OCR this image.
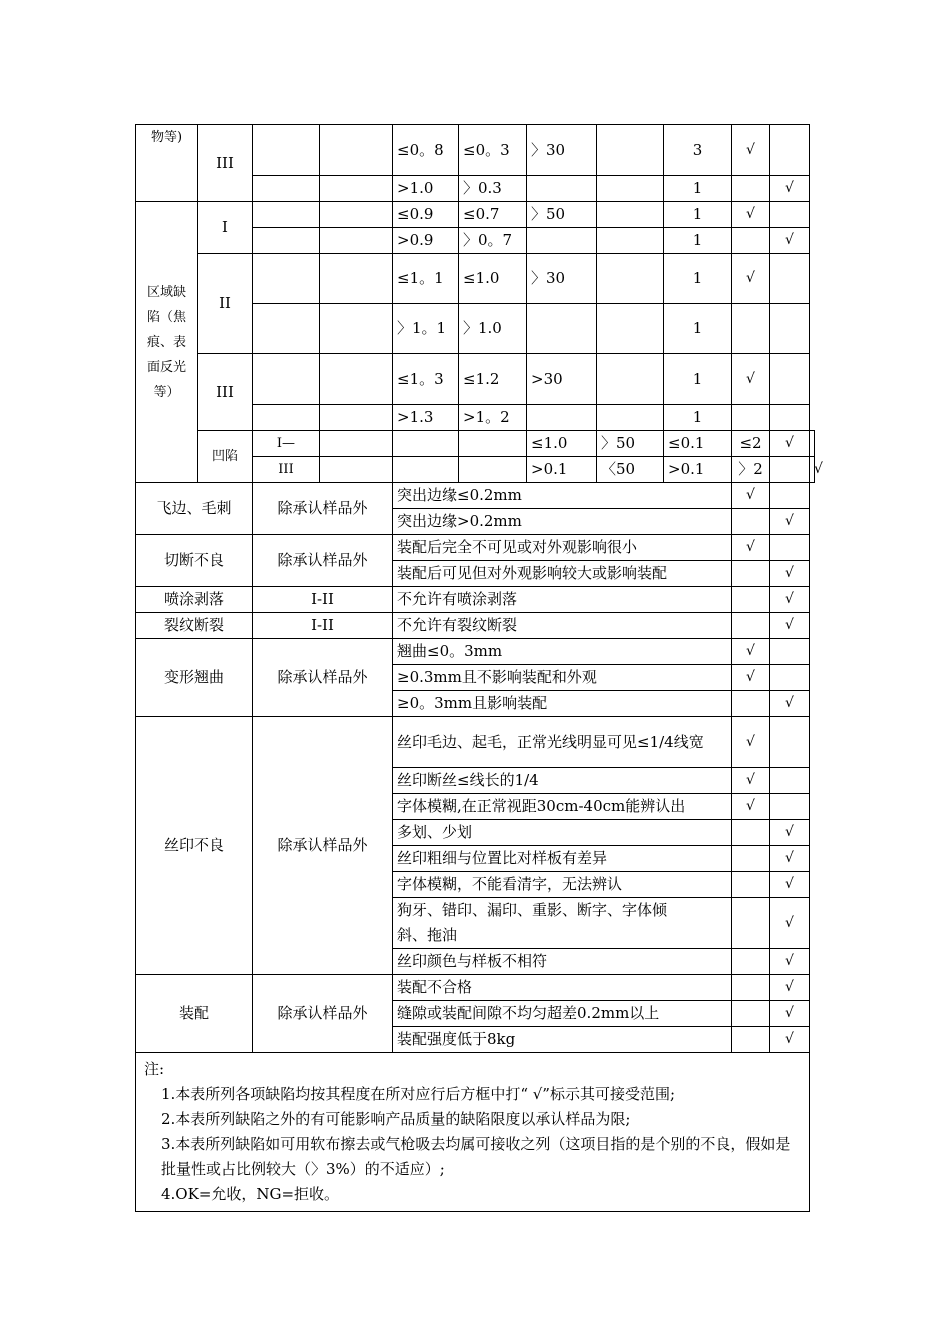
物等)	III			≤0。8	≤0。3	〉30		3	√		
				>1.0	〉0.3			1		√	
区域缺陷（焦痕、表面反光等）	I			≤0.9	≤0.7	〉50		1	√		
				>0.9	〉0。7			1		√	
	II			≤1。1	≤1.0	〉30		1	√		
				〉1。1	〉1.0			1			
	III			≤1。3	≤1.2	>30		1	√		
				>1.3	>1。2			1			
	凹陷	I—				≤1.0	〉50	≤0.1	≤2	√	
		III				>0.1	〈50	>0.1	〉2		√
飞边、毛刺		除承认样品外		突出边缘≤0.2mm					√		
				突出边缘>0.2mm						√	
切断不良		除承认样品外		装配后完全不可见或对外观影响很小					√		
				装配后可见但对外观影响较大或影响装配						√	
喷涂剥落		I-II		不允许有喷涂剥落						√	
裂纹断裂		I-II		不允许有裂纹断裂						√	
变形翘曲		除承认样品外		翘曲≤0。3mm					√		
				≥0.3mm且不影响装配和外观					√		
				≥0。3mm且影响装配						√	
丝印不良		除承认样品外		丝印毛边、起毛，正常光线明显可见≤1/4线宽					√		
				丝印断丝≤线长的1/4					√		
				字体模糊,在正常视距30cm-40cm能辨认出					√		
				多划、少划						√	
				丝印粗细与位置比对样板有差异						√	
				字体模糊，不能看清字，无法辨认						√	
				狗牙、错印、漏印、重影、断字、字体倾斜、拖油						√	
				丝印颜色与样板不相符						√	
装配		除承认样品外		装配不合格						√	
				缝隙或装配间隙不均匀超差0.2mm以上						√	
				装配强度低于8kg						√	

注:
1.本表所列各项缺陷均按其程度在所对应行后方框中打“ √”标示其可接受范围;
2.本表所列缺陷之外的有可能影响产品质量的缺陷限度以承认样品为限;
3.本表所列缺陷如可用软布擦去或气枪吸去均属可接收之列（这项目指的是个别的不良，假如是批量性或占比例较大（〉3%）的不适应）;
4.OK=允收，NG=拒收。											
